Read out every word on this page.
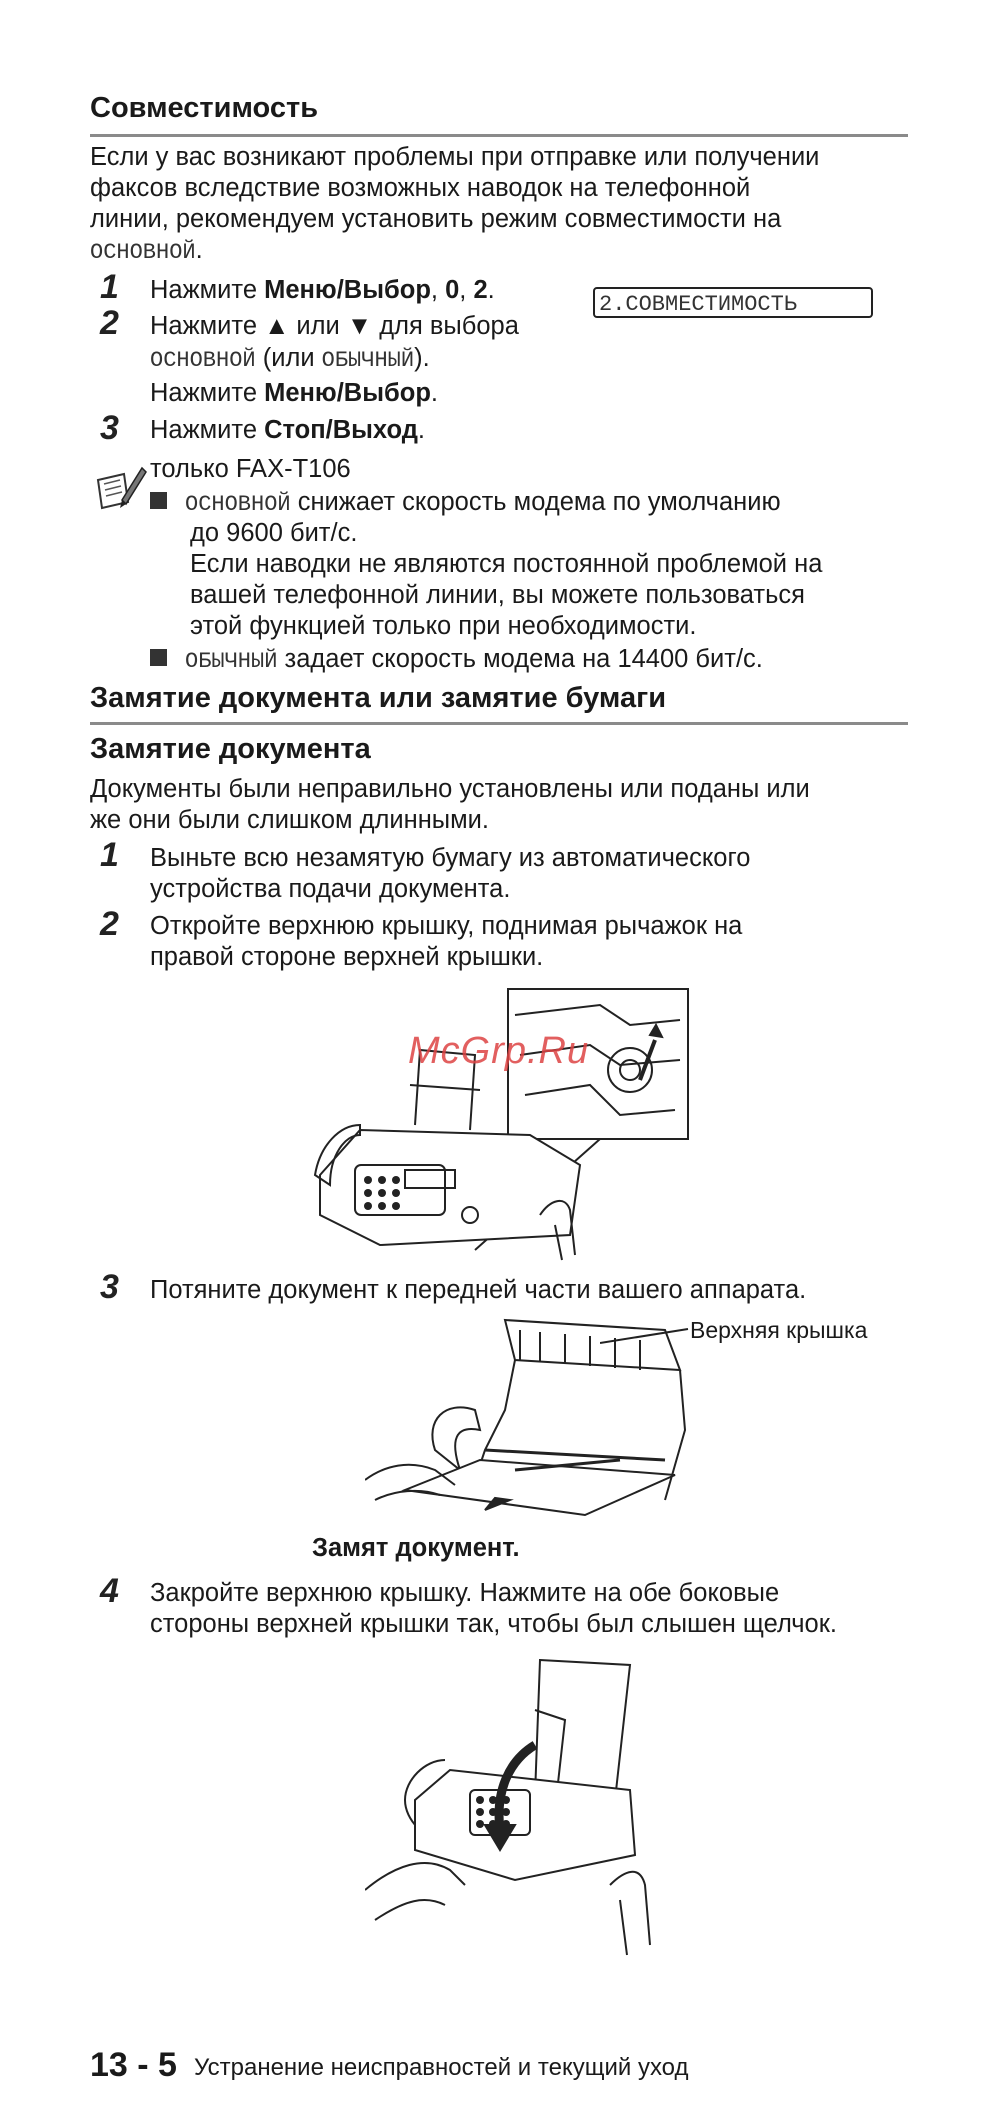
Совместимость
Если у вас возникают проблемы при отправке или получении
факсов вследствие возможных наводок на телефонной
линии, рекомендуем установить режим совместимости на
ОСНОВНОЙ.
1 Нажмите Меню/Выбор, 0, 2.
2.СОВМЕСТИМОСТЬ
2 Нажмите ▲ или ▼ для выбора
ОСНОВНОЙ (или ОБЫЧНЫЙ).
Нажмите Меню/Выбор.
3 Нажмите Стоп/Выход.
только FAX-T106
ОСНОВНОЙ снижает скорость модема по умолчанию
до 9600 бит/с.
Если наводки не являются постоянной проблемой на
вашей телефонной линии, вы можете пользоваться
этой функцией только при необходимости.
ОБЫЧНЫЙ задает скорость модема на 14400 бит/с.
Замятие документа или замятие бумаги
Замятие документа
Документы были неправильно установлены или поданы или
же они были слишком длинными.
1 Выньте всю незамятую бумагу из автоматического
устройства подачи документа.
2 Откройте верхнюю крышку, поднимая рычажок на
правой стороне верхней крышки.
McGrp.Ru
3 Потяните документ к передней части вашего аппарата.
Верхняя крышка
Замят документ.
4 Закройте верхнюю крышку. Нажмите на обе боковые
стороны верхней крышки так, чтобы был слышен щелчок.
13 - 5 Устранение неисправностей и текущий уход
